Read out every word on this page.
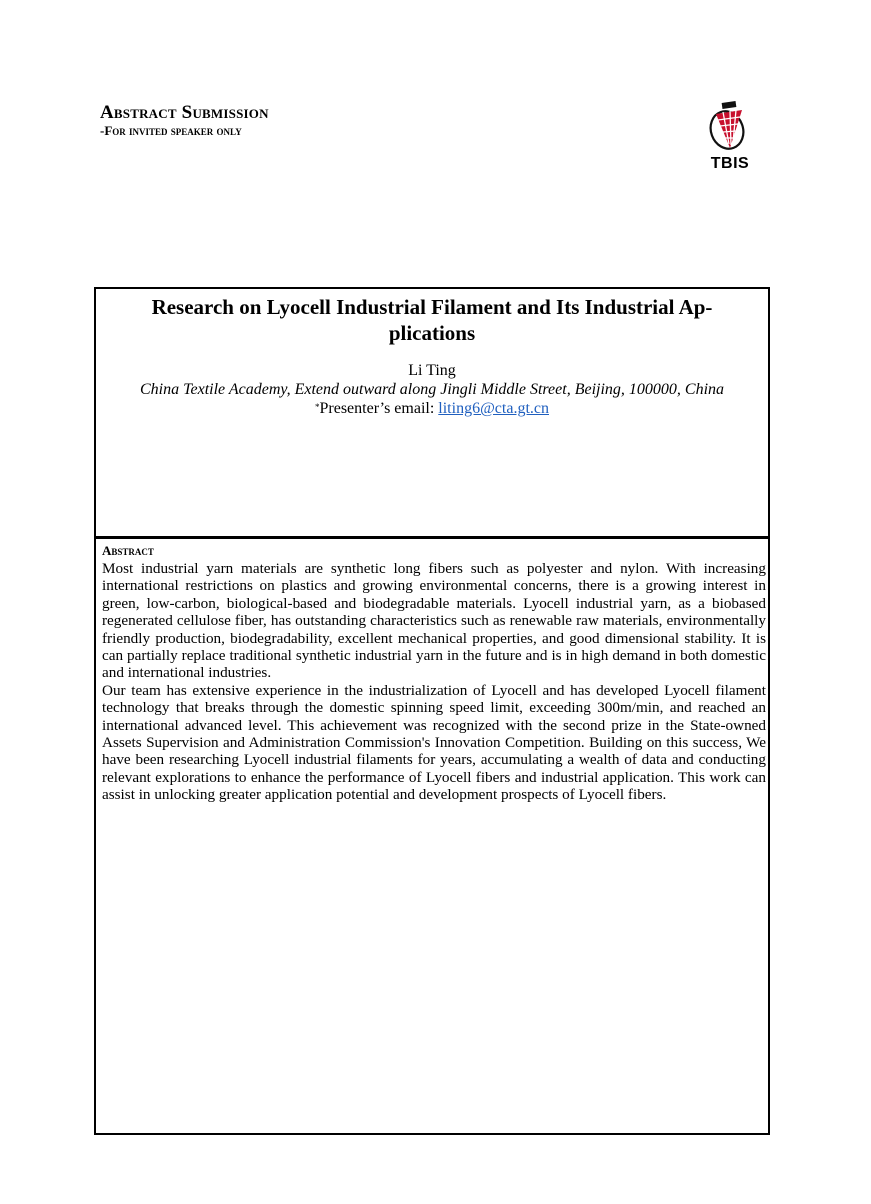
Abstract Submission
-For invited speaker only
TBIS
Research on Lyocell Industrial Filament and Its Industrial Ap-
plications
Li Ting
China Textile Academy, Extend outward along Jingli Middle Street, Beijing, 100000, China
*Presenter’s email: liting6@cta.gt.cn
Abstract

Most industrial yarn materials are synthetic long fibers such as polyester and nylon. With increasing international restrictions on plastics and growing environmental concerns, there is a growing interest in green, low-carbon, biological-based and biodegradable materials. Lyocell industrial yarn, as a biobased regenerated cellulose fiber, has outstanding characteristics such as renewable raw materials, environmentally friendly production, biodegradability, excellent mechanical properties, and good dimensional stability. It is can partially replace traditional synthetic industrial yarn in the future and is in high demand in both domestic and international industries.

Our team has extensive experience in the industrialization of Lyocell and has developed Lyocell filament technology that breaks through the domestic spinning speed limit, exceeding 300m/min, and reached an international advanced level. This achievement was recognized with the second prize in the State-owned Assets Supervision and Administration Commission's Innovation Competition. Building on this success, We have been researching Lyocell industrial filaments for years, accumulating a wealth of data and conducting relevant explorations to enhance the performance of Lyocell fibers and industrial application. This work can assist in unlocking greater application potential and development prospects of Lyocell fibers.
